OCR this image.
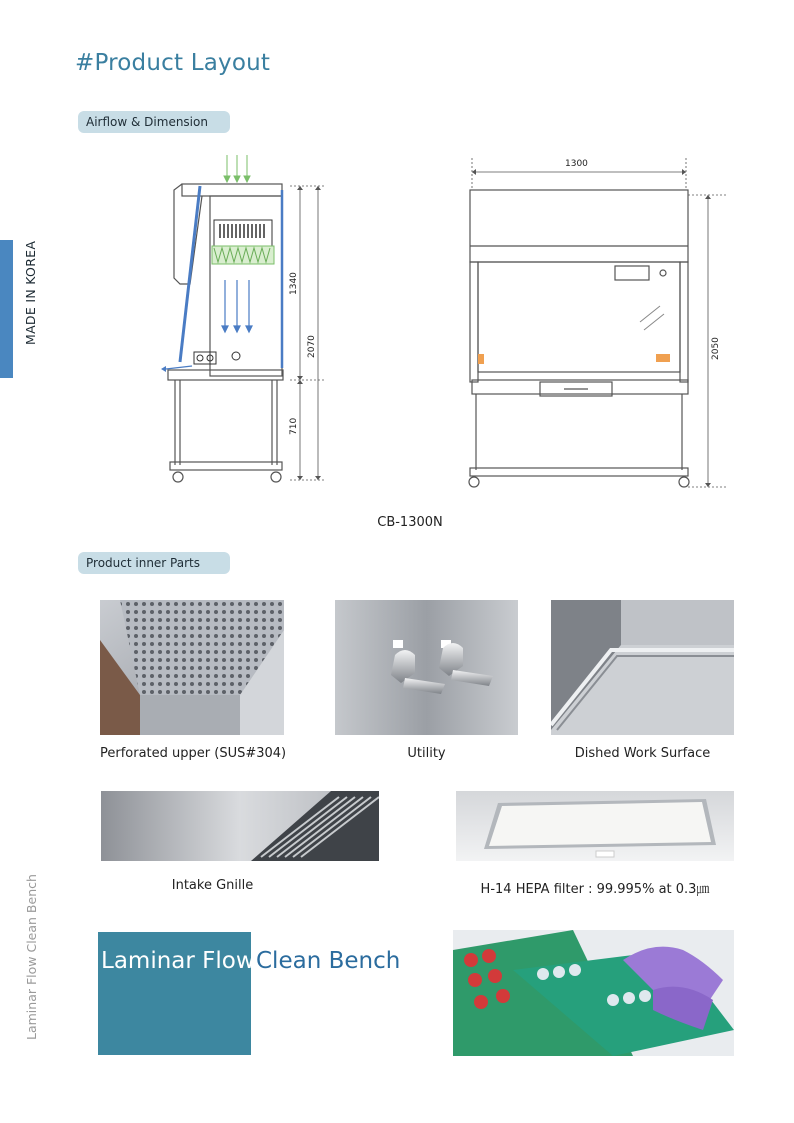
#Product Layout
MADE IN KOREA
Laminar Flow Clean Bench
Airflow & Dimension
1340
2070
710
1300
2050
CB-1300N
Product inner Parts
Perforated upper (SUS#304)	Utility	Dished Work Surface
Intake Gnille	H-14 HEPA filter : 99.995% at 0.3㎛
Laminar Flow Clean Bench
